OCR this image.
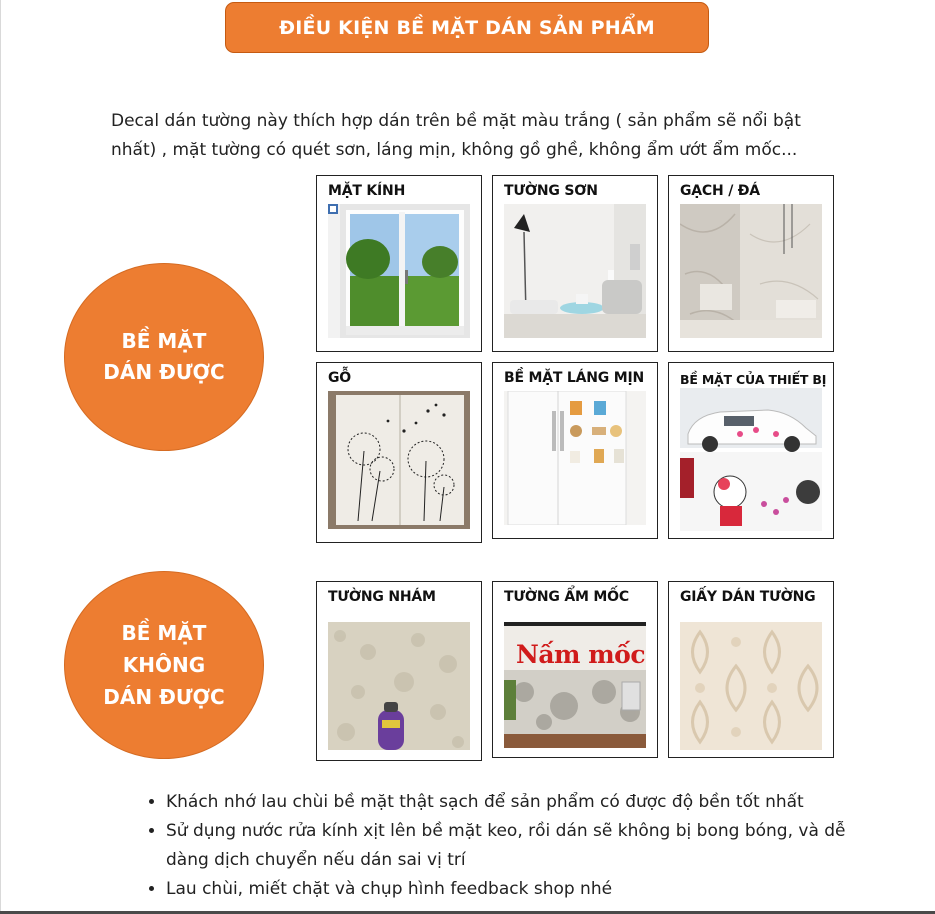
ĐIỀU KIỆN BỀ MẶT DÁN SẢN PHẨM
Decal dán tường này thích hợp dán trên bề mặt màu trắng ( sản phẩm sẽ nổi bật nhất) , mặt tường có quét sơn, láng mịn, không gồ ghề, không ẩm ướt ẩm mốc...
BỀ MẶT
DÁN ĐƯỢC
BỀ MẶT
KHÔNG
DÁN ĐƯỢC
MẶT KÍNH	TƯỜNG SƠN	GẠCH / ĐÁ
GỖ	BỀ MẶT LÁNG MỊN	BỀ MẶT CỦA THIẾT BỊ
TƯỜNG NHÁM	TƯỜNG ẨM MỐC
Nấm mốc
GIẤY DÁN TƯỜNG
• Khách nhớ lau chùi bề mặt thật sạch để sản phẩm có được độ bền tốt nhất
• Sử dụng nước rửa kính xịt lên bề mặt keo, rồi dán sẽ không bị bong bóng, và dễ dàng dịch chuyển nếu dán sai vị trí
• Lau chùi, miết chặt và chụp hình feedback shop nhé
